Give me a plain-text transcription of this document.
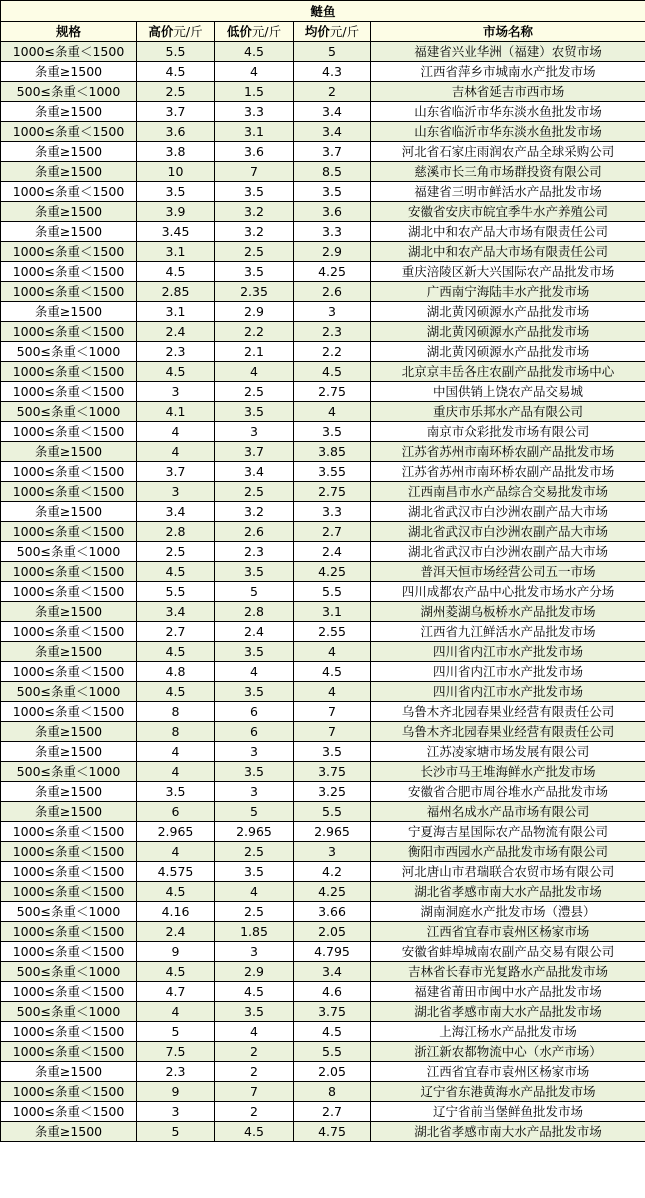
鲢鱼				
规格	高价元/斤	低价元/斤	均价元/斤	市场名称
1000≤条重＜1500	5.5	4.5	5	福建省兴业华洲（福建）农贸市场
条重≥1500	4.5	4	4.3	江西省萍乡市城南水产批发市场
500≤条重＜1000	2.5	1.5	2	吉林省延吉市西市场
条重≥1500	3.7	3.3	3.4	山东省临沂市华东淡水鱼批发市场
1000≤条重＜1500	3.6	3.1	3.4	山东省临沂市华东淡水鱼批发市场
条重≥1500	3.8	3.6	3.7	河北省石家庄雨润农产品全球采购公司
条重≥1500	10	7	8.5	慈溪市长三角市场群投资有限公司
1000≤条重＜1500	3.5	3.5	3.5	福建省三明市鲜活水产品批发市场
条重≥1500	3.9	3.2	3.6	安徽省安庆市皖宜季牛水产养殖公司
条重≥1500	3.45	3.2	3.3	湖北中和农产品大市场有限责任公司
1000≤条重＜1500	3.1	2.5	2.9	湖北中和农产品大市场有限责任公司
1000≤条重＜1500	4.5	3.5	4.25	重庆涪陵区新大兴国际农产品批发市场
1000≤条重＜1500	2.85	2.35	2.6	广西南宁海陆丰水产批发市场
条重≥1500	3.1	2.9	3	湖北黄冈硕源水产品批发市场
1000≤条重＜1500	2.4	2.2	2.3	湖北黄冈硕源水产品批发市场
500≤条重＜1000	2.3	2.1	2.2	湖北黄冈硕源水产品批发市场
1000≤条重＜1500	4.5	4	4.5	北京京丰岳各庄农副产品批发市场中心
1000≤条重＜1500	3	2.5	2.75	中国供销上饶农产品交易城
500≤条重＜1000	4.1	3.5	4	重庆市乐邦水产品有限公司
1000≤条重＜1500	4	3	3.5	南京市众彩批发市场有限公司
条重≥1500	4	3.7	3.85	江苏省苏州市南环桥农副产品批发市场
1000≤条重＜1500	3.7	3.4	3.55	江苏省苏州市南环桥农副产品批发市场
1000≤条重＜1500	3	2.5	2.75	江西南昌市水产品综合交易批发市场
条重≥1500	3.4	3.2	3.3	湖北省武汉市白沙洲农副产品大市场
1000≤条重＜1500	2.8	2.6	2.7	湖北省武汉市白沙洲农副产品大市场
500≤条重＜1000	2.5	2.3	2.4	湖北省武汉市白沙洲农副产品大市场
1000≤条重＜1500	4.5	3.5	4.25	普洱天恒市场经营公司五一市场
1000≤条重＜1500	5.5	5	5.5	四川成都农产品中心批发市场水产分场
条重≥1500	3.4	2.8	3.1	湖州菱湖乌板桥水产品批发市场
1000≤条重＜1500	2.7	2.4	2.55	江西省九江鲜活水产品批发市场
条重≥1500	4.5	3.5	4	四川省内江市水产批发市场
1000≤条重＜1500	4.8	4	4.5	四川省内江市水产批发市场
500≤条重＜1000	4.5	3.5	4	四川省内江市水产批发市场
1000≤条重＜1500	8	6	7	乌鲁木齐北园春果业经营有限责任公司
条重≥1500	8	6	7	乌鲁木齐北园春果业经营有限责任公司
条重≥1500	4	3	3.5	江苏凌家塘市场发展有限公司
500≤条重＜1000	4	3.5	3.75	长沙市马王堆海鲜水产批发市场
条重≥1500	3.5	3	3.25	安徽省合肥市周谷堆水产品批发市场
条重≥1500	6	5	5.5	福州名成水产品市场有限公司
1000≤条重＜1500	2.965	2.965	2.965	宁夏海吉星国际农产品物流有限公司
1000≤条重＜1500	4	2.5	3	衡阳市西园水产品批发市场有限公司
1000≤条重＜1500	4.575	3.5	4.2	河北唐山市君瑞联合农贸市场有限公司
1000≤条重＜1500	4.5	4	4.25	湖北省孝感市南大水产品批发市场
500≤条重＜1000	4.16	2.5	3.66	湖南洞庭水产批发市场（澧县）
1000≤条重＜1500	2.4	1.85	2.05	江西省宜春市袁州区杨家市场
1000≤条重＜1500	9	3	4.795	安徽省蚌埠城南农副产品交易有限公司
500≤条重＜1000	4.5	2.9	3.4	吉林省长春市光复路水产品批发市场
1000≤条重＜1500	4.7	4.5	4.6	福建省莆田市闽中水产品批发市场
500≤条重＜1000	4	3.5	3.75	湖北省孝感市南大水产品批发市场
1000≤条重＜1500	5	4	4.5	上海江杨水产品批发市场
1000≤条重＜1500	7.5	2	5.5	浙江新农都物流中心（水产市场）
条重≥1500	2.3	2	2.05	江西省宜春市袁州区杨家市场
1000≤条重＜1500	9	7	8	辽宁省东港黄海水产品批发市场
1000≤条重＜1500	3	2	2.7	辽宁省前当堡鲜鱼批发市场
条重≥1500	5	4.5	4.75	湖北省孝感市南大水产品批发市场
